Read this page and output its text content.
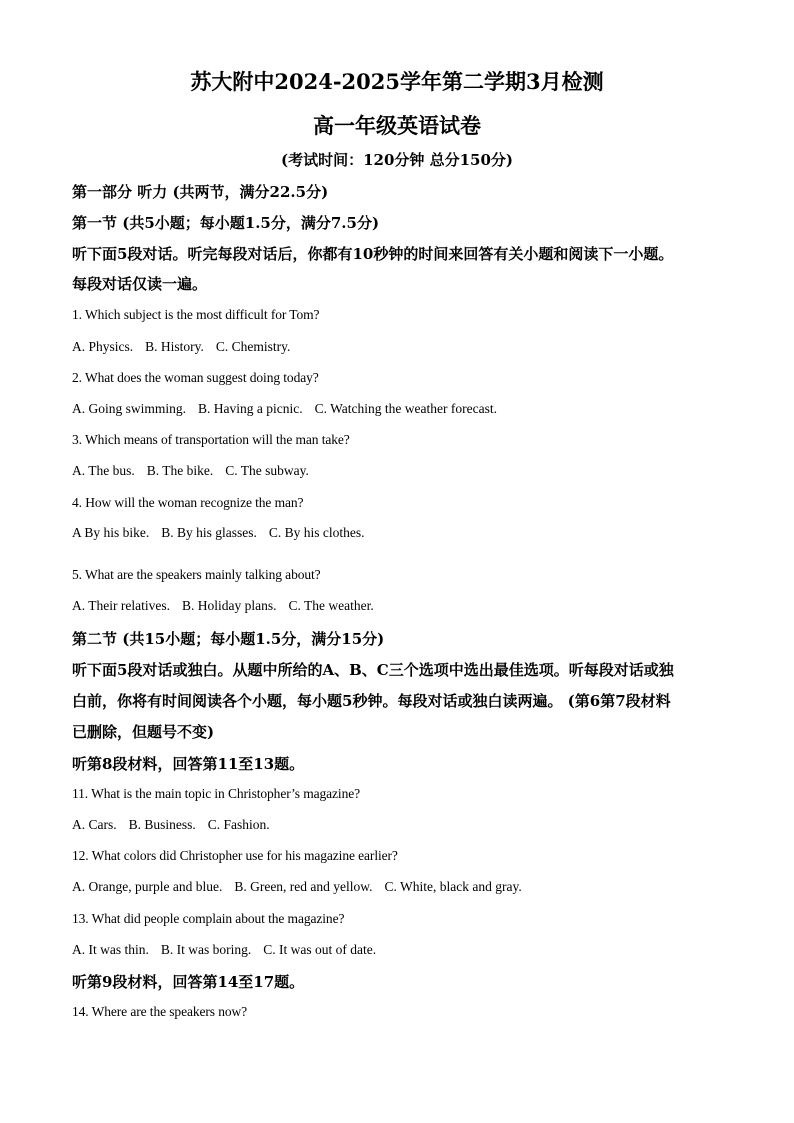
苏大附中2024-2025学年第二学期3月检测
高一年级英语试卷
(考试时间：120分钟 总分150分)
第一部分 听力 (共两节，满分22.5分)
第一节 (共5小题；每小题1.5分，满分7.5分)
听下面5段对话。听完每段对话后，你都有10秒钟的时间来回答有关小题和阅读下一小题。
每段对话仅读一遍。
1. Which subject is the most difficult for Tom?
A. Physics. B. History. C. Chemistry.
2. What does the woman suggest doing today?
A. Going swimming. B. Having a picnic. C. Watching the weather forecast.
3. Which means of transportation will the man take?
A. The bus. B. The bike. C. The subway.
4. How will the woman recognize the man?
A By his bike. B. By his glasses. C. By his clothes.
5. What are the speakers mainly talking about?
A. Their relatives. B. Holiday plans. C. The weather.
第二节 (共15小题；每小题1.5分，满分15分)
听下面5段对话或独白。从题中所给的A、B、C三个选项中选出最佳选项。听每段对话或独
白前，你将有时间阅读各个小题，每小题5秒钟。每段对话或独白读两遍。 (第6第7段材料
已删除，但题号不变)
听第8段材料，回答第11至13题。
11. What is the main topic in Christopher’s magazine?
A. Cars. B. Business. C. Fashion.
12. What colors did Christopher use for his magazine earlier?
A. Orange, purple and blue. B. Green, red and yellow. C. White, black and gray.
13. What did people complain about the magazine?
A. It was thin. B. It was boring. C. It was out of date.
听第9段材料，回答第14至17题。
14. Where are the speakers now?
